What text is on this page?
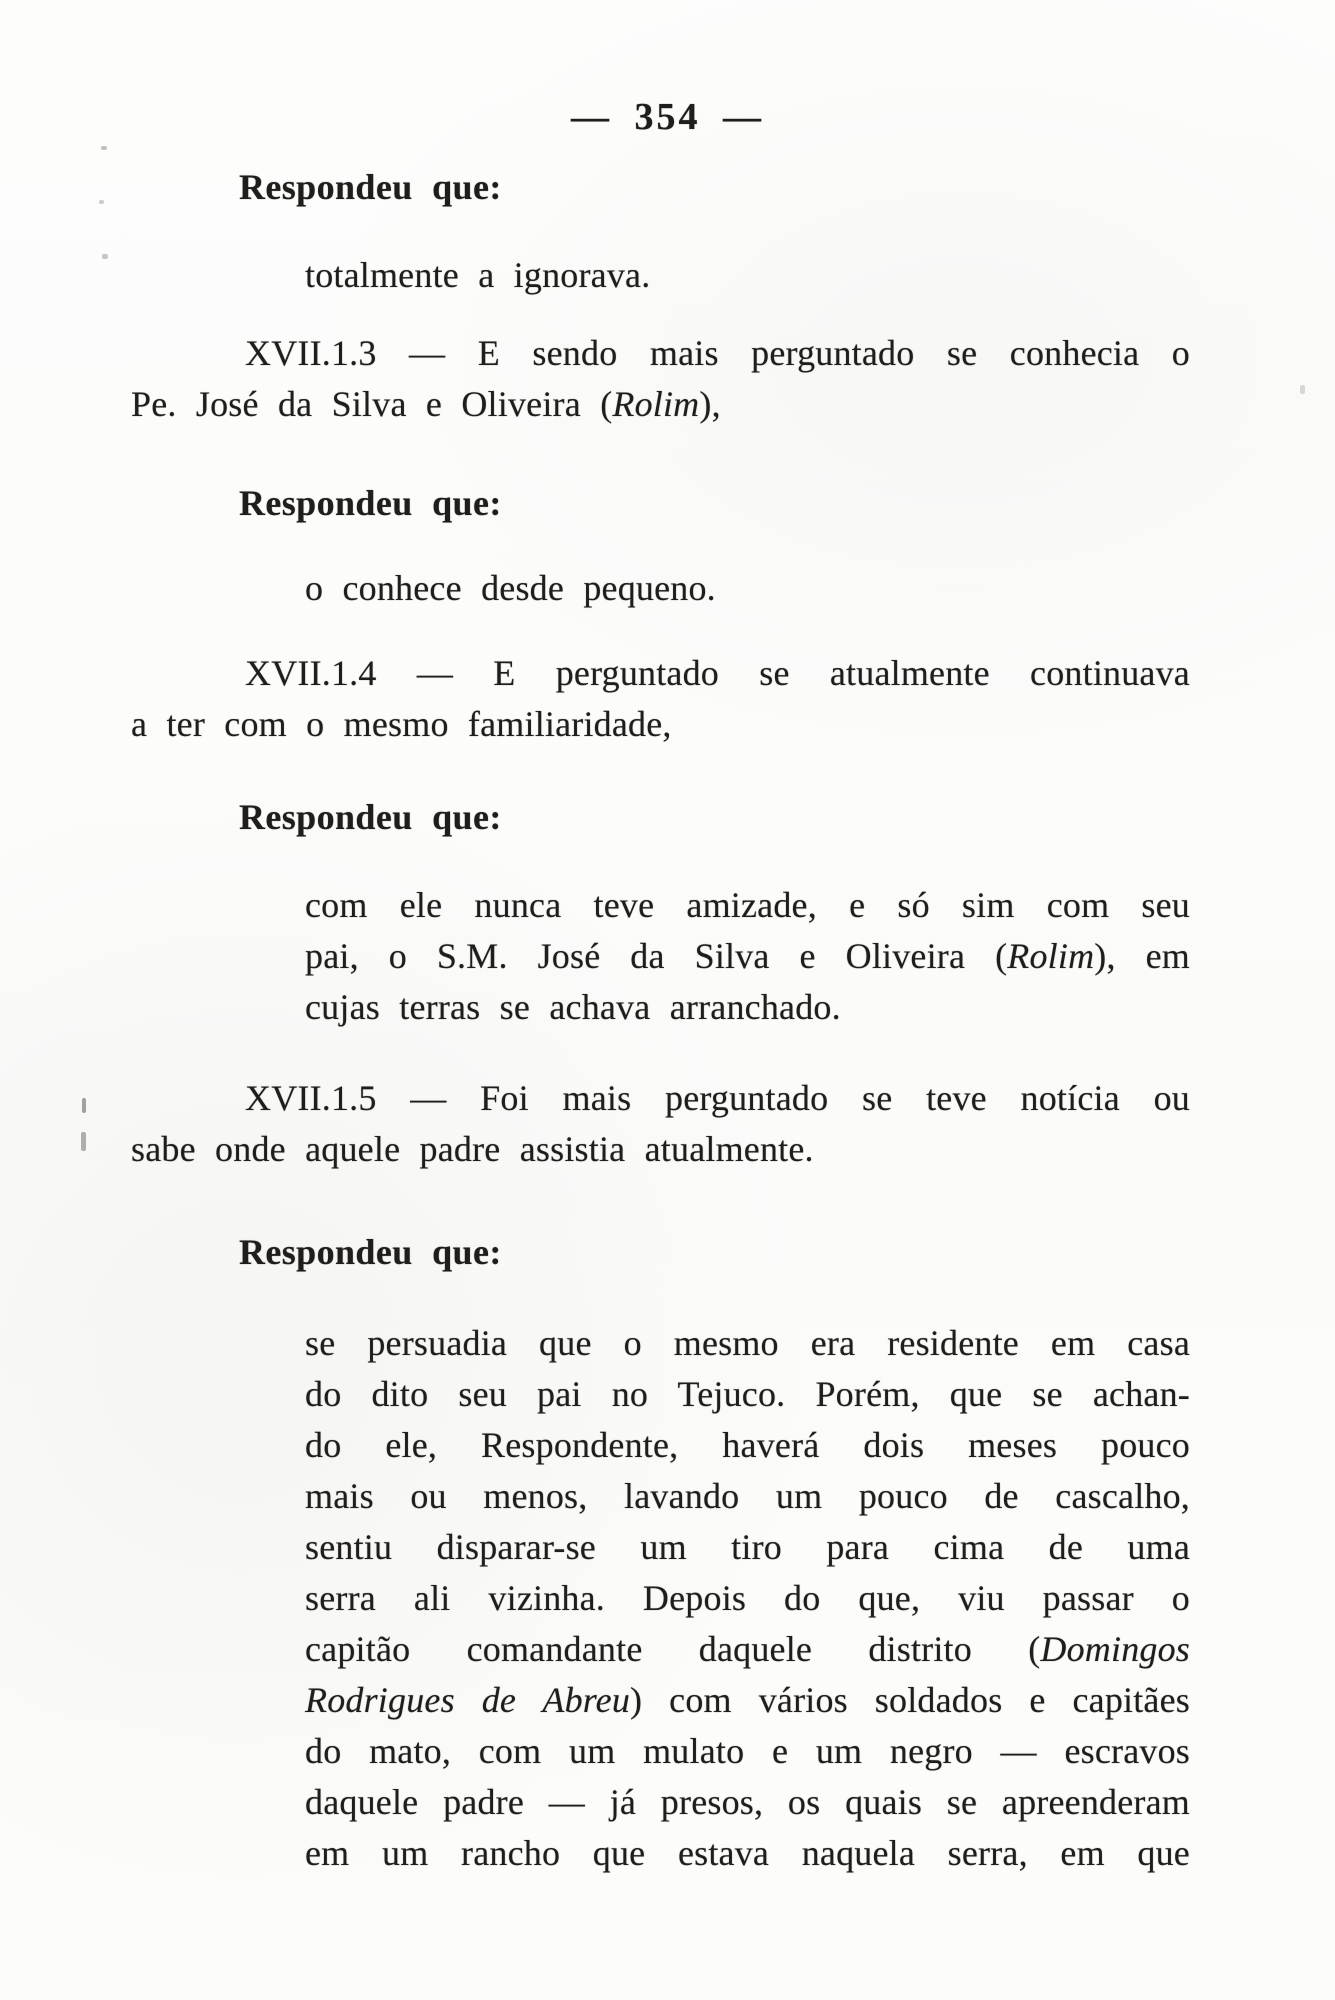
— 354 —
Respondeu que:
totalmente a ignorava.
XVII.1.3 — E sendo mais perguntado se conhecia o
Pe. José da Silva e Oliveira (Rolim),
Respondeu que:
o conhece desde pequeno.
XVII.1.4 — E perguntado se atualmente continuava
a ter com o mesmo familiaridade,
Respondeu que:
com ele nunca teve amizade, e só sim com seu
pai, o S.M. José da Silva e Oliveira (Rolim), em
cujas terras se achava arranchado.
XVII.1.5 — Foi mais perguntado se teve notícia ou
sabe onde aquele padre assistia atualmente.
Respondeu que:
se persuadia que o mesmo era residente em casa
do dito seu pai no Tejuco. Porém, que se achan-
do ele, Respondente, haverá dois meses pouco
mais ou menos, lavando um pouco de cascalho,
sentiu disparar-se um tiro para cima de uma
serra ali vizinha. Depois do que, viu passar o
capitão comandante daquele distrito (Domingos
Rodrigues de Abreu) com vários soldados e capitães
do mato, com um mulato e um negro — escravos
daquele padre — já presos, os quais se apreenderam
em um rancho que estava naquela serra, em que
